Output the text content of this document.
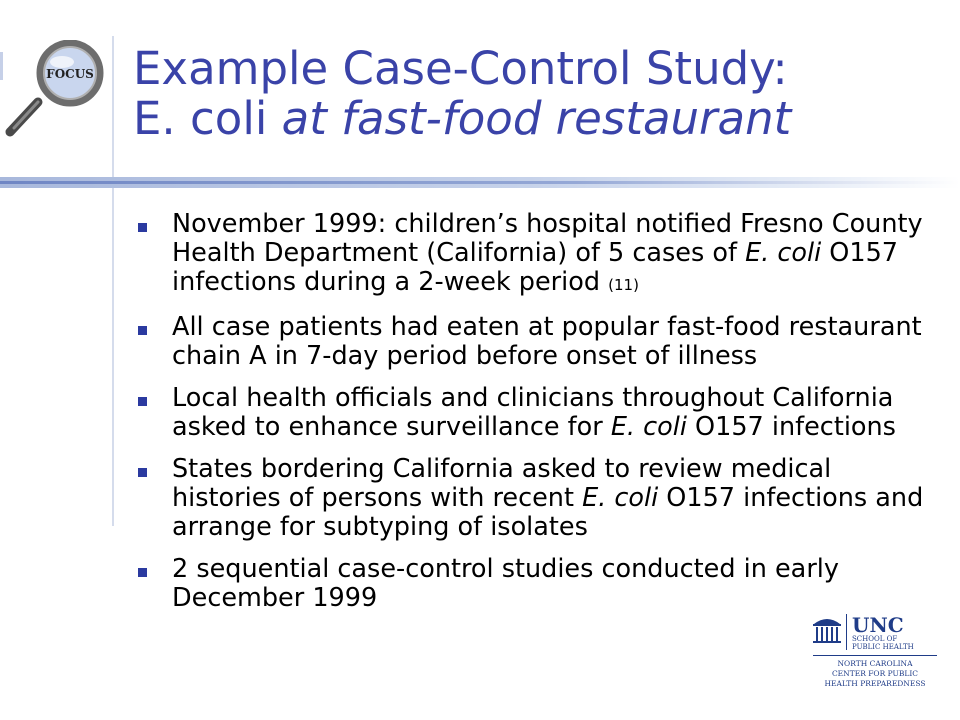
FOCUS Example Case-Control Study:
E. coli at fast-food restaurant
November 1999: children’s hospital notified Fresno County Health Department (California) of 5 cases of E. coli O157 infections during a 2-week period (11)
All case patients had eaten at popular fast-food restaurant chain A in 7-day period before onset of illness
Local health officials and clinicians throughout California asked to enhance surveillance for E. coli O157 infections
States bordering California asked to review medical histories of persons with recent E. coli O157 infections and arrange for subtyping of isolates
2 sequential case-control studies conducted in early December 1999
UNC
SCHOOL OF
PUBLIC HEALTH
NORTH CAROLINA
CENTER FOR PUBLIC
HEALTH PREPAREDNESS
